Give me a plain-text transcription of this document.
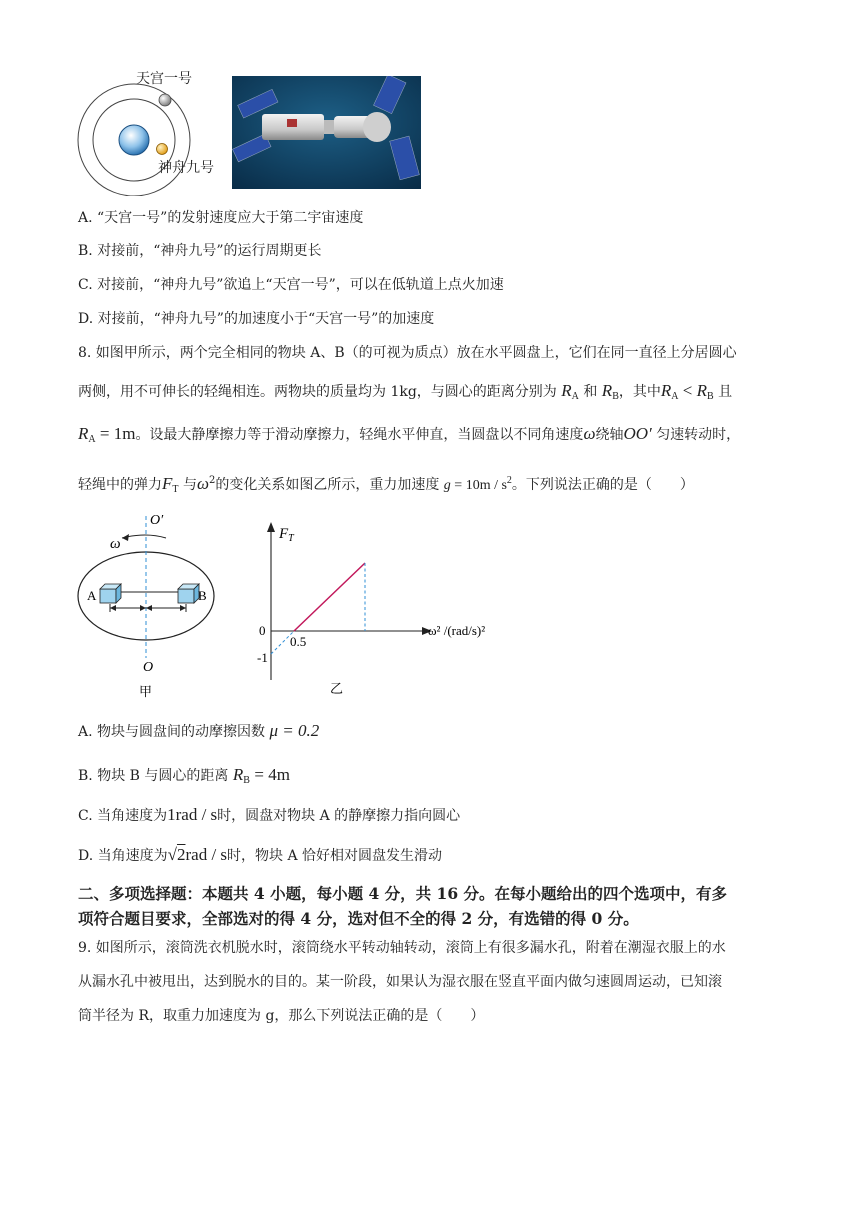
天宫一号
神舟九号
A. “天宫一号”的发射速度应大于第二宇宙速度
B. 对接前，“神舟九号”的运行周期更长
C. 对接前，“神舟九号”欲追上“天宫一号”，可以在低轨道上点火加速
D. 对接前，“神舟九号”的加速度小于“天宫一号”的加速度
8. 如图甲所示，两个完全相同的物块 A、B（的可视为质点）放在水平圆盘上，它们在同一直径上分居圆心
两侧，用不可伸长的轻绳相连。两物块的质量均为 1kg，与圆心的距离分别为 $R_A$ 和 $R_B$，其中$R_A < R_B$ 且
$R_A = 1m$。设最大静摩擦力等于滑动摩擦力，轻绳水平伸直，当圆盘以不同角速度ω绕轴OO′ 匀速转动时，
轻绳中的弹力$F_T$ 与$\omega^2$的变化关系如图乙所示，重力加速度 $g = 10m / s^2$。下列说法正确的是（　　）
O′
ω
A	B
O
甲
$F_T$
ω² /(rad/s)²
0
0.5
-1
乙
A. 物块与圆盘间的动摩擦因数 μ = 0.2
B. 物块 B 与圆心的距离 $R_B = 4m$
C. 当角速度为1rad / s时，圆盘对物块 A 的静摩擦力指向圆心
D. 当角速度为√2rad / s时，物块 A 恰好相对圆盘发生滑动
二、多项选择题：本题共 4 小题，每小题 4 分，共 16 分。在每小题给出的四个选项中，有多
项符合题目要求，全部选对的得 4 分，选对但不全的得 2 分，有选错的得 0 分。
9. 如图所示，滚筒洗衣机脱水时，滚筒绕水平转动轴转动，滚筒上有很多漏水孔，附着在潮湿衣服上的水
从漏水孔中被甩出，达到脱水的目的。某一阶段，如果认为湿衣服在竖直平面内做匀速圆周运动，已知滚
筒半径为 R，取重力加速度为 g，那么下列说法正确的是（　　）
